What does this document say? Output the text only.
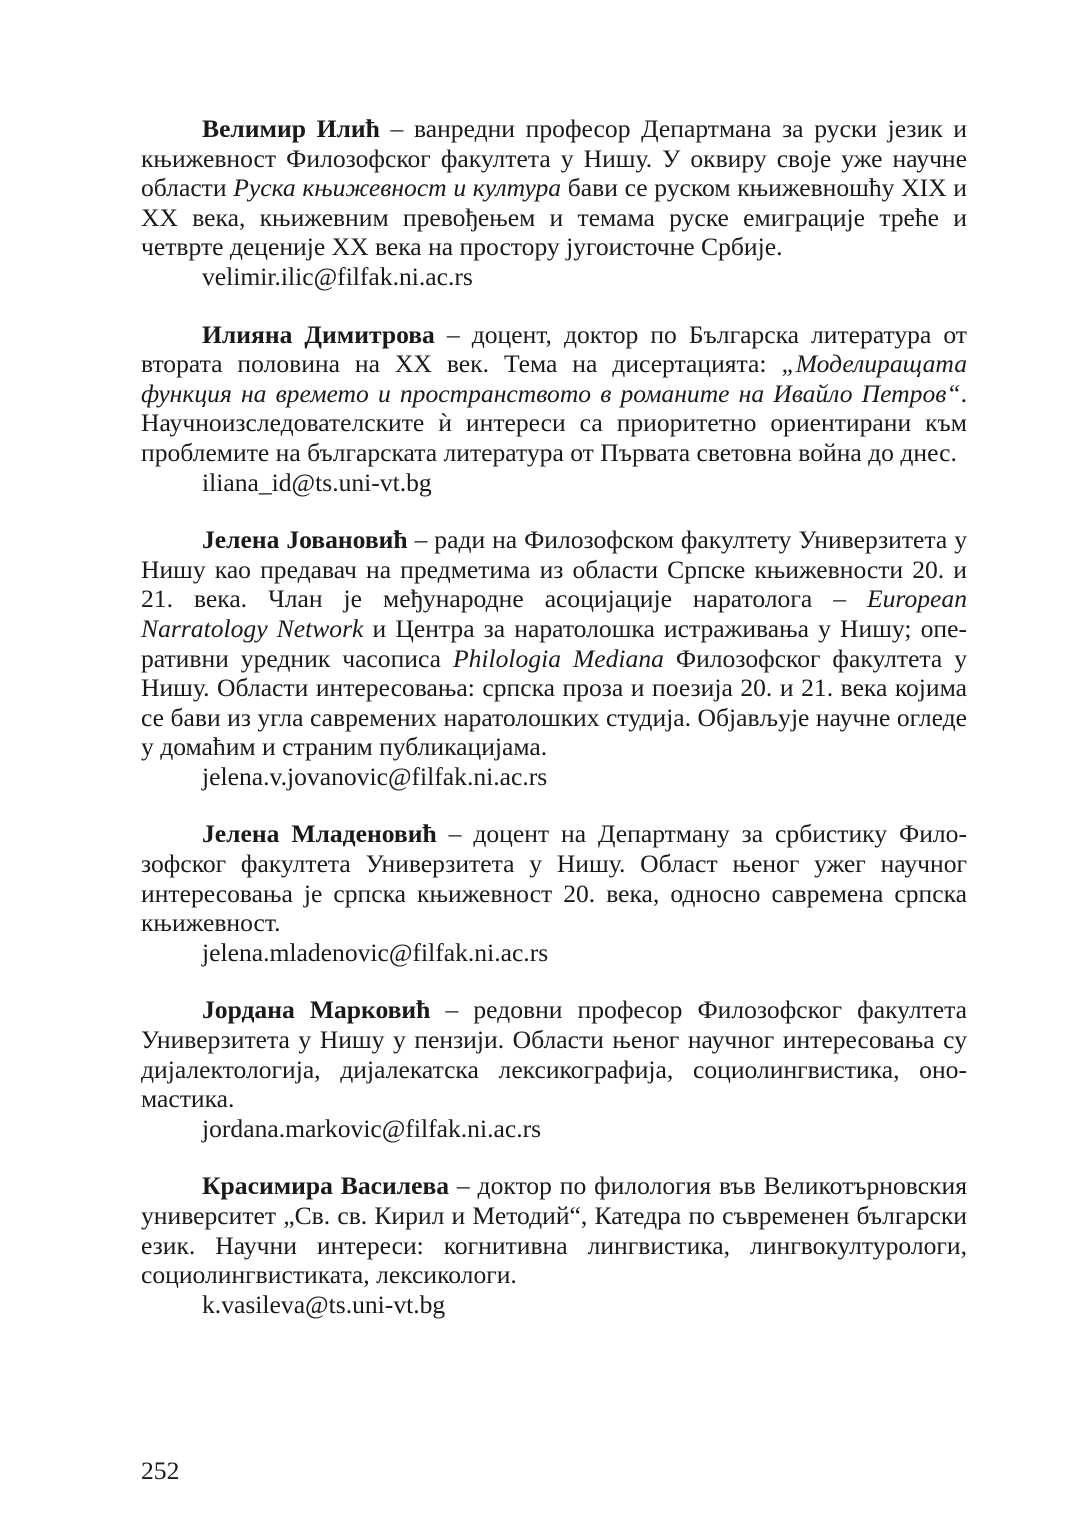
Велимир Илић – ванредни професор Департмана за руски језик и књижевност Филозофског факултета у Нишу. У оквиру своје уже научне области Руска књижевност и култура бави се руском књижевношћу XIX и XX века, књижевним превођењем и темама руске емиграције треће и четврте деценије XX века на простору југоисточне Србије.

velimir.ilic@filfak.ni.ac.rs

Илияна Димитрова – доцент, доктор по Българска литература от втората половина на XX век. Тема на дисертацията: „Моделиращата функция на времето и пространството в романите на Ивайло Петров“. Научноизследователските ѝ интереси са приоритетно ориентирани към проблемите на българската литература от Първата световна война до днес.

iliana_id@ts.uni-vt.bg

Јелена Јовановић – ради на Филозофском факултету Универзитета у Нишу као предавач на предметима из области Српске књижевности 20. и 21. века. Члан је међународне асоцијације наратолога – European Narratology Network и Центра за наратолошка истраживања у Нишу; оперативни уредник часописа Philologia Mediana Филозофског факултета у Нишу. Области интересовања: српска проза и поезија 20. и 21. века којима се бави из угла савремених наратолошких студија. Објављује научне огледе у домаћим и страним публикацијама.

jelena.v.jovanovic@filfak.ni.ac.rs

Јелена Младеновић – доцент на Департману за србистику Филозофског факултета Универзитета у Нишу. Област њеног ужег научног интересовања је српска књижевност 20. века, односно савремена српска књижевност.

jelena.mladenovic@filfak.ni.ac.rs

Јордана Марковић – редовни професор Филозофског факултета Универзитета у Нишу у пензији. Области њеног научног интересовања су дијалектологија, дијалекатска лексикографија, социолингвистика, ономастика.

jordana.markovic@filfak.ni.ac.rs

Красимира Василева – доктор по филология във Великотърновския университет „Св. св. Кирил и Методий“, Катедра по съвременен български език. Научни интереси: когнитивна лингвистика, лингвокултурологи, социолингвистиката, лексикологи.

k.vasileva@ts.uni-vt.bg

252
